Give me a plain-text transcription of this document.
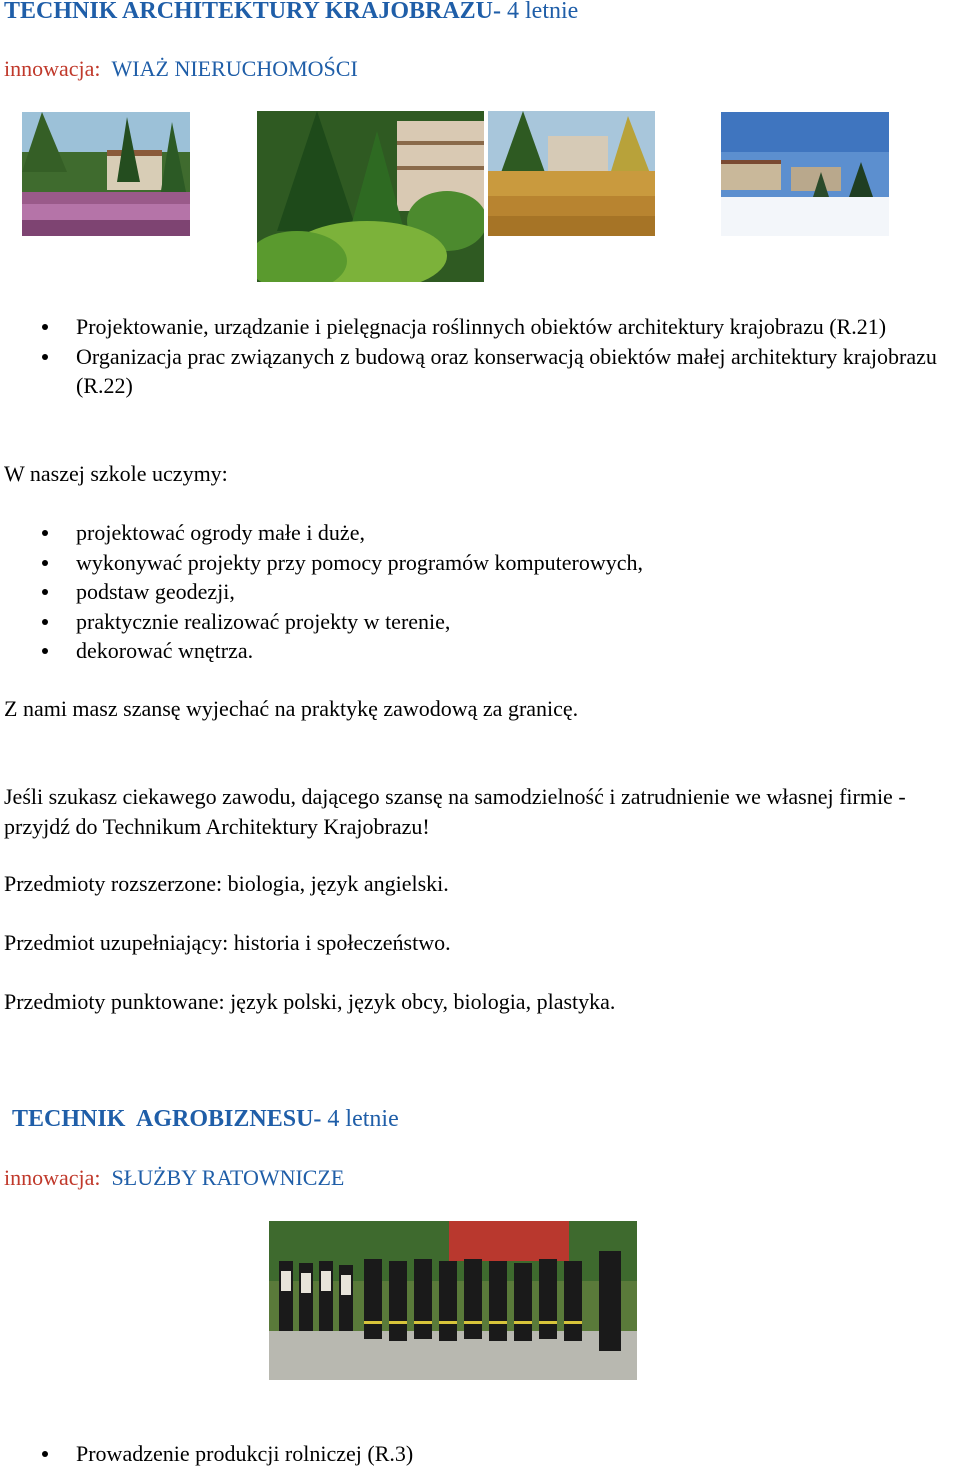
TECHNIK ARCHITEKTURY KRAJOBRAZU- 4 letnie
innowacja: WIAŻ NIERUCHOMOŚCI
Projektowanie, urządzanie i pielęgnacja roślinnych obiektów architektury krajobrazu (R.21)
Organizacja prac związanych z budową oraz konserwacją obiektów małej architektury krajobrazu (R.22)
W naszej szkole uczymy:
projektować ogrody małe i duże,
wykonywać projekty przy pomocy programów komputerowych,
podstaw geodezji,
praktycznie realizować projekty w terenie,
dekorować wnętrza.
Z nami masz szansę wyjechać na praktykę zawodową za granicę.
Jeśli szukasz ciekawego zawodu, dającego szansę na samodzielność i zatrudnienie we własnej firmie - przyjdź do Technikum Architektury Krajobrazu!
Przedmioty rozszerzone: biologia, język angielski.
Przedmiot uzupełniający: historia i społeczeństwo.
Przedmioty punktowane: język polski, język obcy, biologia, plastyka.
TECHNIK  AGROBIZNESU- 4 letnie
innowacja: SŁUŻBY RATOWNICZE
Prowadzenie produkcji rolniczej (R.3)
